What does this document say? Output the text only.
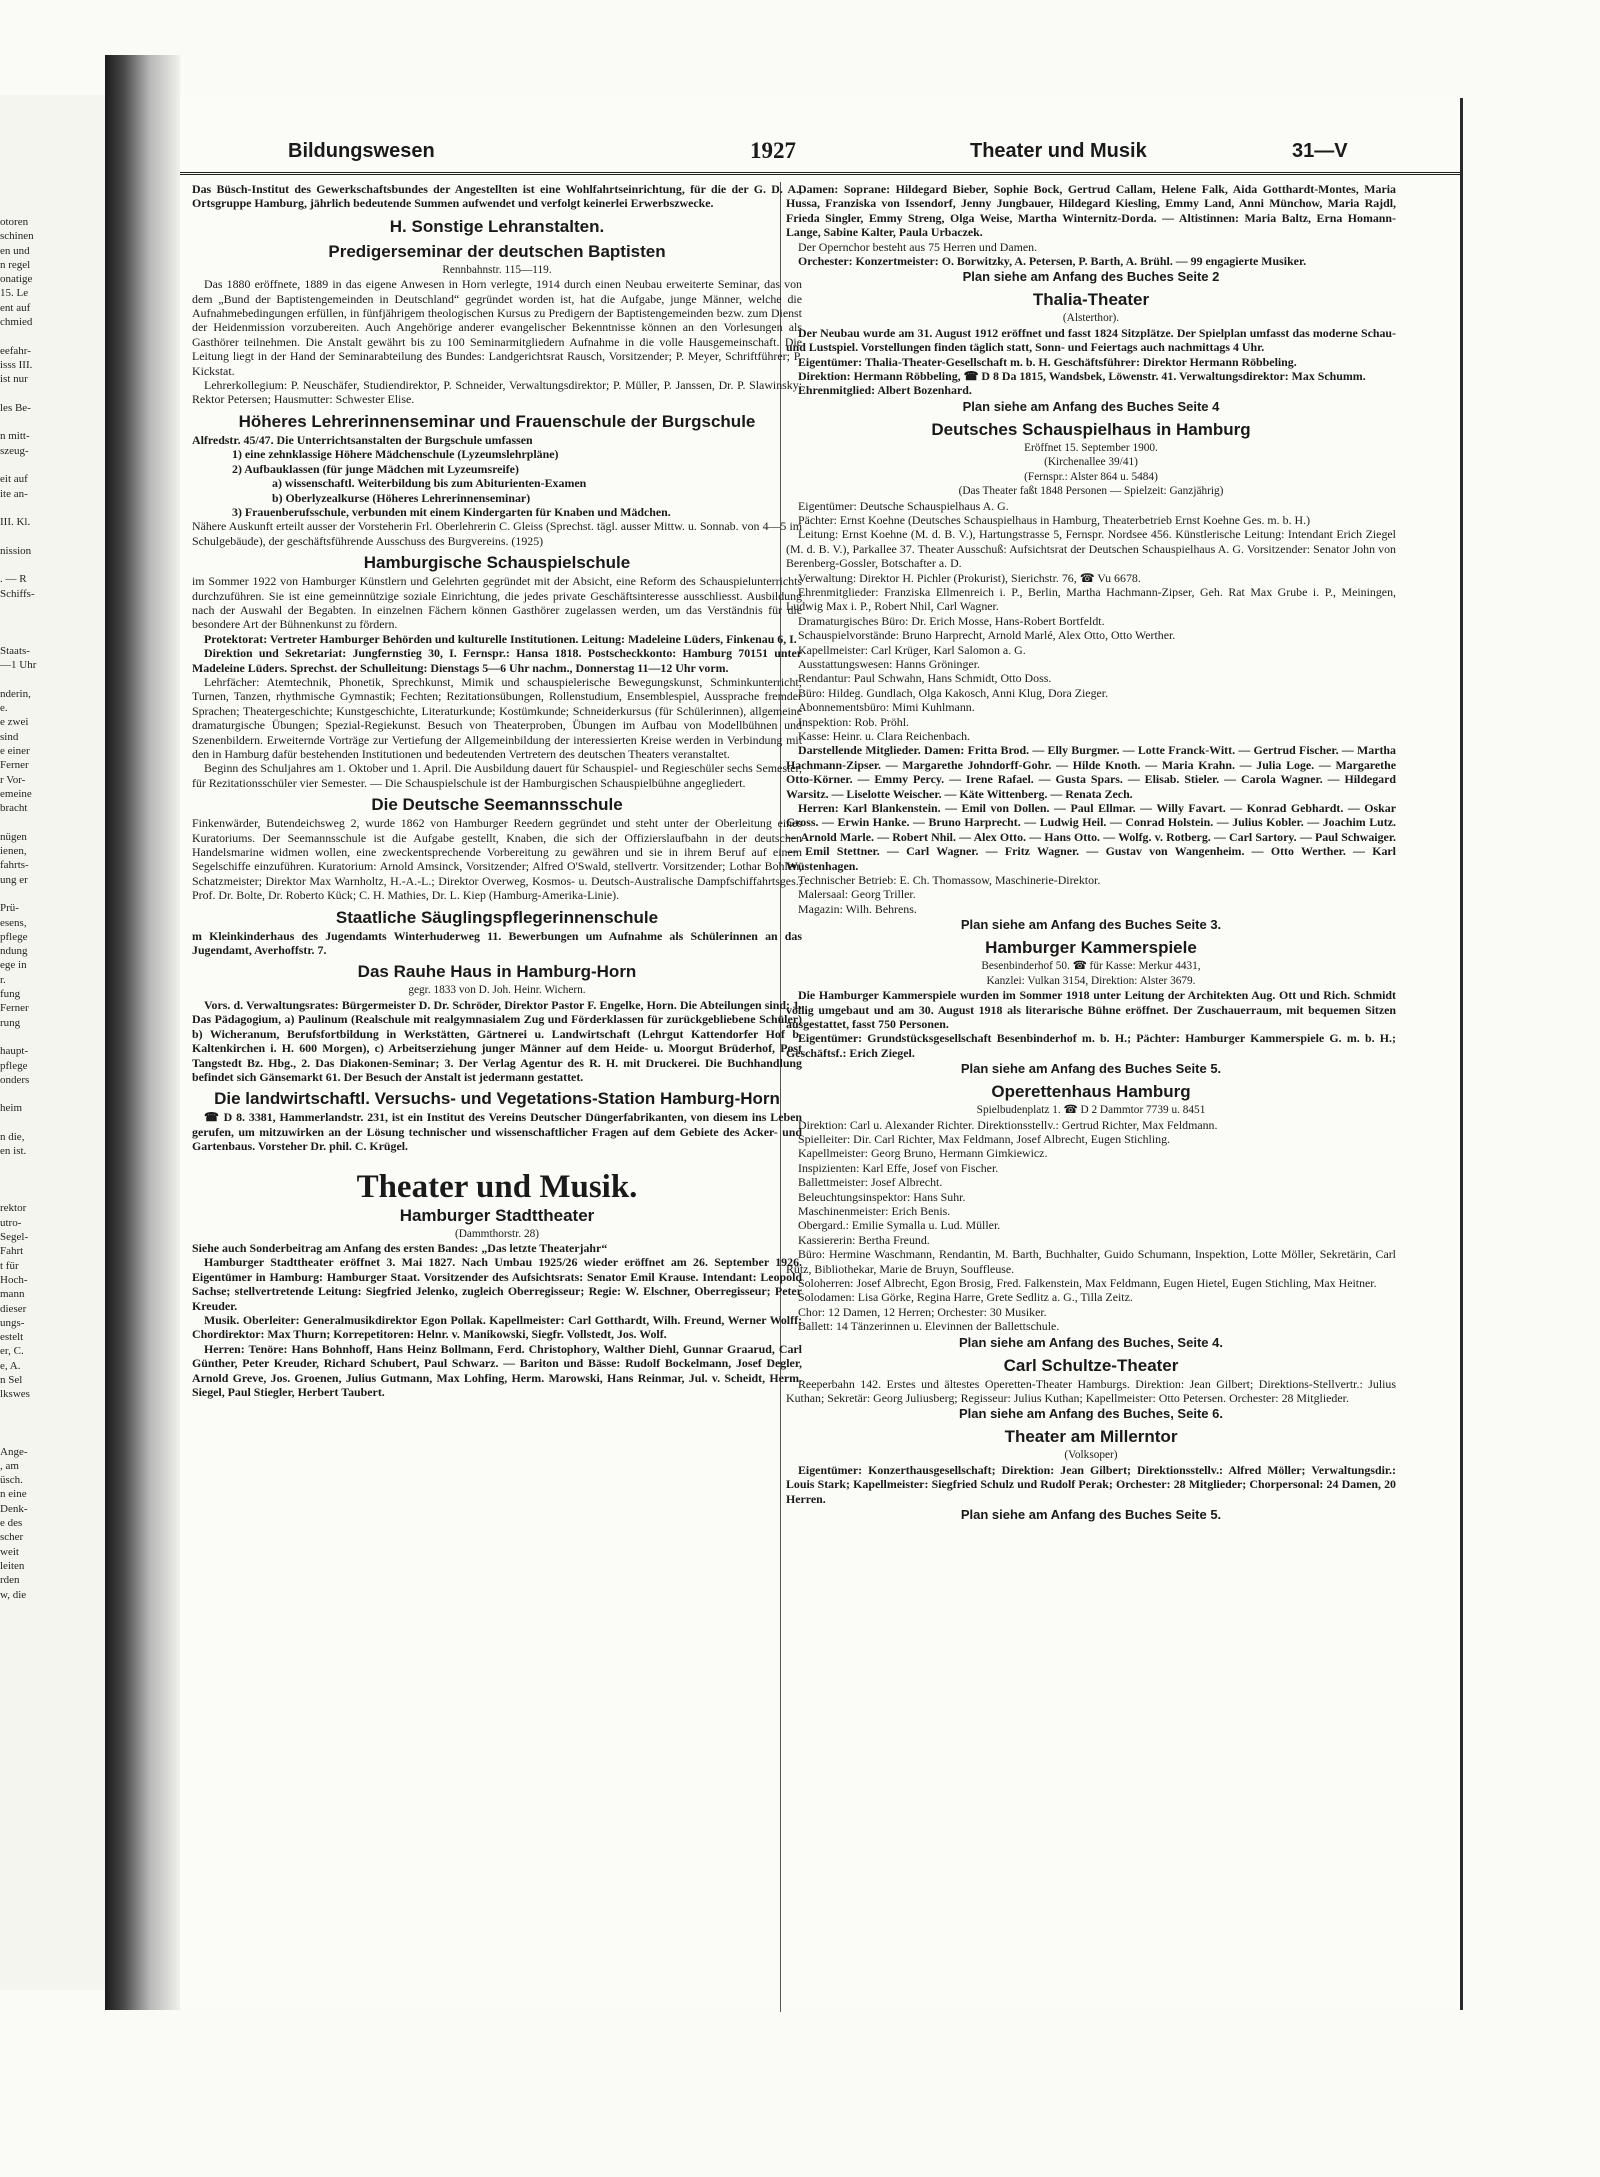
otoren
schinen
en und
n regel
onatige
15. Le
ent auf
chmied

eefahr-
isss III.
ist nur

les Be-

n mitt-
szeug-

eit auf
ite an-

III. Kl.

nission

. — R
Schiffs-

Staats-
—1 Uhr

nderin,
e.
e zwei
sind
e einer
Ferner
r Vor-
emeine
bracht

nügen
ienen,
fahrts-
ung er

Prü-
esens,
pflege
ndung
ege in
r.
fung
Ferner
rung

haupt-
pflege
onders

heim

n die,
en ist.

rektor
utro-
Segel-
Fahrt
t für
Hoch-
mann
dieser
ungs-
estelt
er, C.
e, A.
n Sel
lkswes

Ange-
, am
üsch.
n eine
Denk-
e des
scher
weit
leiten
rden
w, die
Bildungswesen	1927	Theater und Musik	31—V

Das Büsch-Institut des Gewerkschaftsbundes der Angestellten ist eine Wohlfahrtseinrichtung, für die der G. D. A., Ortsgruppe Hamburg, jährlich bedeutende Summen aufwendet und verfolgt keinerlei Erwerbszwecke.

H. Sonstige Lehranstalten.
Predigerseminar der deutschen Baptisten

Rennbahnstr. 115—119.

Das 1880 eröffnete, 1889 in das eigene Anwesen in Horn verlegte, 1914 durch einen Neubau erweiterte Seminar, das von dem „Bund der Baptistengemeinden in Deutschland“ gegründet worden ist, hat die Aufgabe, junge Männer, welche die Aufnahmebedingungen erfüllen, in fünfjährigem theologischen Kursus zu Predigern der Baptistengemeinden bezw. zum Dienst der Heidenmission vorzubereiten. Auch Angehörige anderer evangelischer Bekenntnisse können an den Vorlesungen als Gasthörer teilnehmen. Die Anstalt gewährt bis zu 100 Seminarmitgliedern Aufnahme in die volle Hausgemeinschaft. Die Leitung liegt in der Hand der Seminarabteilung des Bundes: Landgerichtsrat Rausch, Vorsitzender; P. Meyer, Schriftführer; P. Kickstat.

Lehrerkollegium: P. Neuschäfer, Studiendirektor, P. Schneider, Verwaltungsdirektor; P. Müller, P. Janssen, Dr. P. Slawinsky; Rektor Petersen; Hausmutter: Schwester Elise.

Höheres Lehrerinnenseminar und Frauenschule der Burgschule

Alfredstr. 45/47. Die Unterrichtsanstalten der Burgschule umfassen

1) eine zehnklassige Höhere Mädchenschule (Lyzeumslehrpläne)

2) Aufbauklassen (für junge Mädchen mit Lyzeumsreife)

a) wissenschaftl. Weiterbildung bis zum Abiturienten-Examen

b) Oberlyzealkurse (Höheres Lehrerinnenseminar)

3) Frauenberufsschule, verbunden mit einem Kindergarten für Knaben und Mädchen.

Nähere Auskunft erteilt ausser der Vorsteherin Frl. Oberlehrerin C. Gleiss (Sprechst. tägl. ausser Mittw. u. Sonnab. von 4—5 im Schulgebäude), der geschäftsführende Ausschuss des Burgvereins. (1925)

Hamburgische Schauspielschule

im Sommer 1922 von Hamburger Künstlern und Gelehrten gegründet mit der Absicht, eine Reform des Schauspielunterrichts durchzuführen. Sie ist eine gemeinnützige soziale Einrichtung, die jedes private Geschäftsinteresse ausschliesst. Ausbildung nach der Auswahl der Begabten. In einzelnen Fächern können Gasthörer zugelassen werden, um das Verständnis für die besondere Art der Bühnenkunst zu fördern.

Protektorat: Vertreter Hamburger Behörden und kulturelle Institutionen. Leitung: Madeleine Lüders, Finkenau 6, I.

Direktion und Sekretariat: Jungfernstieg 30, I. Fernspr.: Hansa 1818. Postscheckkonto: Hamburg 70151 unter Madeleine Lüders. Sprechst. der Schulleitung: Dienstags 5—6 Uhr nachm., Donnerstag 11—12 Uhr vorm.

Lehrfächer: Atemtechnik, Phonetik, Sprechkunst, Mimik und schauspielerische Bewegungskunst, Schminkunterricht; Turnen, Tanzen, rhythmische Gymnastik; Fechten; Rezitationsübungen, Rollenstudium, Ensemblespiel, Aussprache fremder Sprachen; Theatergeschichte; Kunstgeschichte, Literaturkunde; Kostümkunde; Schneiderkursus (für Schülerinnen), allgemeine dramaturgische Übungen; Spezial-Regiekunst. Besuch von Theaterproben, Übungen im Aufbau von Modellbühnen und Szenenbildern. Erweiternde Vorträge zur Vertiefung der Allgemeinbildung der interessierten Kreise werden in Verbindung mit den in Hamburg dafür bestehenden Institutionen und bedeutenden Vertretern des deutschen Theaters veranstaltet.

Beginn des Schuljahres am 1. Oktober und 1. April. Die Ausbildung dauert für Schauspiel- und Regieschüler sechs Semester, für Rezitationsschüler vier Semester. — Die Schauspielschule ist der Hamburgischen Schauspielbühne angegliedert.

Die Deutsche Seemannsschule

Finkenwärder, Butendeichsweg 2, wurde 1862 von Hamburger Reedern gegründet und steht unter der Oberleitung eines Kuratoriums. Der Seemannsschule ist die Aufgabe gestellt, Knaben, die sich der Offizierslaufbahn in der deutschen Handelsmarine widmen wollen, eine zweckentsprechende Vorbereitung zu gewähren und sie in ihrem Beruf auf einem Segelschiffe einzuführen. Kuratorium: Arnold Amsinck, Vorsitzender; Alfred O'Swald, stellvertr. Vorsitzender; Lothar Bohlen, Schatzmeister; Direktor Max Warnholtz, H.-A.-L.; Direktor Overweg, Kosmos- u. Deutsch-Australische Dampfschiffahrtsges.; Prof. Dr. Bolte, Dr. Roberto Kück; C. H. Mathies, Dr. L. Kiep (Hamburg-Amerika-Linie).

Staatliche Säuglingspflegerinnenschule

m Kleinkinderhaus des Jugendamts Winterhuderweg 11. Bewerbungen um Aufnahme als Schülerinnen an das Jugendamt, Averhoffstr. 7.

Das Rauhe Haus in Hamburg-Horn

gegr. 1833 von D. Joh. Heinr. Wichern.

Vors. d. Verwaltungsrates: Bürgermeister D. Dr. Schröder, Direktor Pastor F. Engelke, Horn. Die Abteilungen sind: 1. Das Pädagogium, a) Paulinum (Realschule mit realgymnasialem Zug und Förderklassen für zurückgebliebene Schüler) b) Wicheranum, Berufsfortbildung in Werkstätten, Gärtnerei u. Landwirtschaft (Lehrgut Kattendorfer Hof b. Kaltenkirchen i. H. 600 Morgen), c) Arbeitserziehung junger Männer auf dem Heide- u. Moorgut Brüderhof, Post Tangstedt Bz. Hbg., 2. Das Diakonen-Seminar; 3. Der Verlag Agentur des R. H. mit Druckerei. Die Buchhandlung befindet sich Gänsemarkt 61. Der Besuch der Anstalt ist jedermann gestattet.

Die landwirtschaftl. Versuchs- und Vegetations-Station Hamburg-Horn

☎ D 8. 3381, Hammerlandstr. 231, ist ein Institut des Vereins Deutscher Düngerfabrikanten, von diesem ins Leben gerufen, um mitzuwirken an der Lösung technischer und wissenschaftlicher Fragen auf dem Gebiete des Acker- und Gartenbaus. Vorsteher Dr. phil. C. Krügel.

Theater und Musik.
Hamburger Stadttheater

(Dammthorstr. 28)

Siehe auch Sonderbeitrag am Anfang des ersten Bandes: „Das letzte Theaterjahr“

Hamburger Stadttheater eröffnet 3. Mai 1827. Nach Umbau 1925/26 wieder eröffnet am 26. September 1926. Eigentümer in Hamburg: Hamburger Staat. Vorsitzender des Aufsichtsrats: Senator Emil Krause. Intendant: Leopold Sachse; stellvertretende Leitung: Siegfried Jelenko, zugleich Oberregisseur; Regie: W. Elschner, Oberregisseur; Peter Kreuder.

Musik. Oberleiter: Generalmusikdirektor Egon Pollak. Kapellmeister: Carl Gotthardt, Wilh. Freund, Werner Wolff; Chordirektor: Max Thurn; Korrepetitoren: Helnr. v. Manikowski, Siegfr. Vollstedt, Jos. Wolf.

Herren: Tenöre: Hans Bohnhoff, Hans Heinz Bollmann, Ferd. Christophory, Walther Diehl, Gunnar Graarud, Carl Günther, Peter Kreuder, Richard Schubert, Paul Schwarz. — Bariton und Bässe: Rudolf Bockelmann, Josef Degler, Arnold Greve, Jos. Groenen, Julius Gutmann, Max Lohfing, Herm. Marowski, Hans Reinmar, Jul. v. Scheidt, Herm. Siegel, Paul Stiegler, Herbert Taubert.

Damen: Soprane: Hildegard Bieber, Sophie Bock, Gertrud Callam, Helene Falk, Aida Gotthardt-Montes, Maria Hussa, Franziska von Issendorf, Jenny Jungbauer, Hildegard Kiesling, Emmy Land, Anni Münchow, Maria Rajdl, Frieda Singler, Emmy Streng, Olga Weise, Martha Winternitz-Dorda. — Altistinnen: Maria Baltz, Erna Homann-Lange, Sabine Kalter, Paula Urbaczek.

Der Opernchor besteht aus 75 Herren und Damen.

Orchester: Konzertmeister: O. Borwitzky, A. Petersen, P. Barth, A. Brühl. — 99 engagierte Musiker.

Plan siehe am Anfang des Buches Seite 2
Thalia-Theater

(Alsterthor).

Der Neubau wurde am 31. August 1912 eröffnet und fasst 1824 Sitzplätze. Der Spielplan umfasst das moderne Schau- und Lustspiel. Vorstellungen finden täglich statt, Sonn- und Feiertags auch nachmittags 4 Uhr.

Eigentümer: Thalia-Theater-Gesellschaft m. b. H. Geschäftsführer: Direktor Hermann Röbbeling.

Direktion: Hermann Röbbeling, ☎ D 8 Da 1815, Wandsbek, Löwenstr. 41. Verwaltungsdirektor: Max Schumm.

Ehrenmitglied: Albert Bozenhard.

Plan siehe am Anfang des Buches Seite 4
Deutsches Schauspielhaus in Hamburg

Eröffnet 15. September 1900.

(Kirchenallee 39/41)

(Fernspr.: Alster 864 u. 5484)

(Das Theater faßt 1848 Personen — Spielzeit: Ganzjährig)

Eigentümer: Deutsche Schauspielhaus A. G.

Pächter: Ernst Koehne (Deutsches Schauspielhaus in Hamburg, Theaterbetrieb Ernst Koehne Ges. m. b. H.)

Leitung: Ernst Koehne (M. d. B. V.), Hartungstrasse 5, Fernspr. Nordsee 456. Künstlerische Leitung: Intendant Erich Ziegel (M. d. B. V.), Parkallee 37. Theater Ausschuß: Aufsichtsrat der Deutschen Schauspielhaus A. G. Vorsitzender: Senator John von Berenberg-Gossler, Botschafter a. D.

Verwaltung: Direktor H. Pichler (Prokurist), Sierichstr. 76, ☎ Vu 6678.

Ehrenmitglieder: Franziska Ellmenreich i. P., Berlin, Martha Hachmann-Zipser, Geh. Rat Max Grube i. P., Meiningen, Ludwig Max i. P., Robert Nhil, Carl Wagner.

Dramaturgisches Büro: Dr. Erich Mosse, Hans-Robert Bortfeldt.

Schauspielvorstände: Bruno Harprecht, Arnold Marlé, Alex Otto, Otto Werther.

Kapellmeister: Carl Krüger, Karl Salomon a. G.

Ausstattungswesen: Hanns Gröninger.

Rendantur: Paul Schwahn, Hans Schmidt, Otto Doss.

Büro: Hildeg. Gundlach, Olga Kakosch, Anni Klug, Dora Zieger.

Abonnementsbüro: Mimi Kuhlmann.

Inspektion: Rob. Pröhl.

Kasse: Heinr. u. Clara Reichenbach.

Darstellende Mitglieder. Damen: Fritta Brod. — Elly Burgmer. — Lotte Franck-Witt. — Gertrud Fischer. — Martha Hachmann-Zipser. — Margarethe Johndorff-Gohr. — Hilde Knoth. — Maria Krahn. — Julia Loge. — Margarethe Otto-Körner. — Emmy Percy. — Irene Rafael. — Gusta Spars. — Elisab. Stieler. — Carola Wagner. — Hildegard Warsitz. — Liselotte Weischer. — Käte Wittenberg. — Renata Zech.

Herren: Karl Blankenstein. — Emil von Dollen. — Paul Ellmar. — Willy Favart. — Konrad Gebhardt. — Oskar Gross. — Erwin Hanke. — Bruno Harprecht. — Ludwig Heil. — Conrad Holstein. — Julius Kobler. — Joachim Lutz. — Arnold Marle. — Robert Nhil. — Alex Otto. — Hans Otto. — Wolfg. v. Rotberg. — Carl Sartory. — Paul Schwaiger. — Emil Stettner. — Carl Wagner. — Fritz Wagner. — Gustav von Wangenheim. — Otto Werther. — Karl Wüstenhagen.

Technischer Betrieb: E. Ch. Thomassow, Maschinerie-Direktor.

Malersaal: Georg Triller.

Magazin: Wilh. Behrens.

Plan siehe am Anfang des Buches Seite 3.
Hamburger Kammerspiele

Besenbinderhof 50. ☎ für Kasse: Merkur 4431,

Kanzlei: Vulkan 3154, Direktion: Alster 3679.

Die Hamburger Kammerspiele wurden im Sommer 1918 unter Leitung der Architekten Aug. Ott und Rich. Schmidt völlig umgebaut und am 30. August 1918 als literarische Bühne eröffnet. Der Zuschauerraum, mit bequemen Sitzen ausgestattet, fasst 750 Personen.

Eigentümer: Grundstücksgesellschaft Besenbinderhof m. b. H.; Pächter: Hamburger Kammerspiele G. m. b. H.; Geschäftsf.: Erich Ziegel.

Plan siehe am Anfang des Buches Seite 5.
Operettenhaus Hamburg

Spielbudenplatz 1. ☎ D 2 Dammtor 7739 u. 8451

Direktion: Carl u. Alexander Richter. Direktionsstellv.: Gertrud Richter, Max Feldmann.

Spielleiter: Dir. Carl Richter, Max Feldmann, Josef Albrecht, Eugen Stichling.

Kapellmeister: Georg Bruno, Hermann Gimkiewicz.

Inspizienten: Karl Effe, Josef von Fischer.

Ballettmeister: Josef Albrecht.

Beleuchtungsinspektor: Hans Suhr.

Maschinenmeister: Erich Benis.

Obergard.: Emilie Symalla u. Lud. Müller.

Kassiererin: Bertha Freund.

Büro: Hermine Waschmann, Rendantin, M. Barth, Buchhalter, Guido Schumann, Inspektion, Lotte Möller, Sekretärin, Carl Rütz, Bibliothekar, Marie de Bruyn, Souffleuse.

Soloherren: Josef Albrecht, Egon Brosig, Fred. Falkenstein, Max Feldmann, Eugen Hietel, Eugen Stichling, Max Heitner.

Solodamen: Lisa Görke, Regina Harre, Grete Sedlitz a. G., Tilla Zeitz.

Chor: 12 Damen, 12 Herren; Orchester: 30 Musiker.

Ballett: 14 Tänzerinnen u. Elevinnen der Ballettschule.

Plan siehe am Anfang des Buches, Seite 4.
Carl Schultze-Theater

Reeperbahn 142. Erstes und ältestes Operetten-Theater Hamburgs. Direktion: Jean Gilbert; Direktions-Stellvertr.: Julius Kuthan; Sekretär: Georg Juliusberg; Regisseur: Julius Kuthan; Kapellmeister: Otto Petersen. Orchester: 28 Mitglieder.

Plan siehe am Anfang des Buches, Seite 6.
Theater am Millerntor

(Volksoper)

Eigentümer: Konzerthausgesellschaft; Direktion: Jean Gilbert; Direktionsstellv.: Alfred Möller; Verwaltungsdir.: Louis Stark; Kapellmeister: Siegfried Schulz und Rudolf Perak; Orchester: 28 Mitglieder; Chorpersonal: 24 Damen, 20 Herren.

Plan siehe am Anfang des Buches Seite 5.
